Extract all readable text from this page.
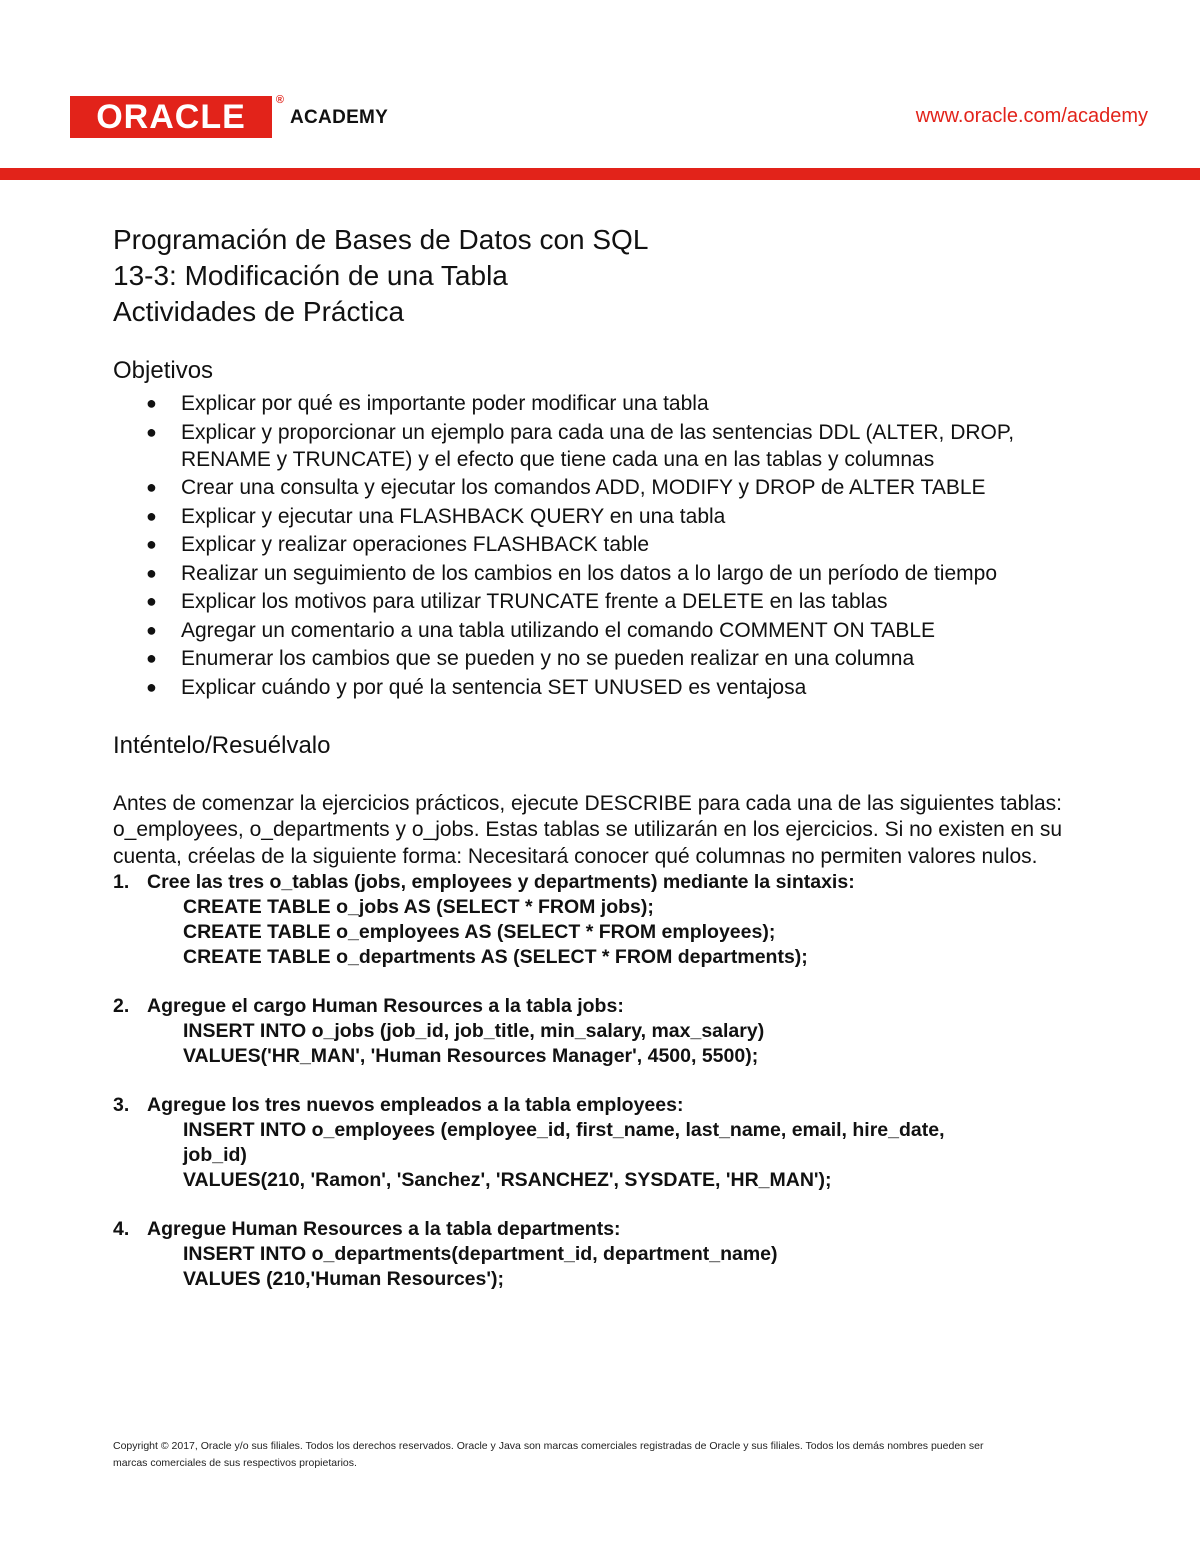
ORACLE	®
ACADEMY	www.oracle.com/academy
Programación de Bases de Datos con SQL
13-3: Modificación de una Tabla
Actividades de Práctica
Objetivos
● Explicar por qué es importante poder modificar una tabla
● Explicar y proporcionar un ejemplo para cada una de las sentencias DDL (ALTER, DROP, RENAME y TRUNCATE) y el efecto que tiene cada una en las tablas y columnas
● Crear una consulta y ejecutar los comandos ADD, MODIFY y DROP de ALTER TABLE
● Explicar y ejecutar una FLASHBACK QUERY en una tabla
● Explicar y realizar operaciones FLASHBACK table
● Realizar un seguimiento de los cambios en los datos a lo largo de un período de tiempo
● Explicar los motivos para utilizar TRUNCATE frente a DELETE en las tablas
● Agregar un comentario a una tabla utilizando el comando COMMENT ON TABLE
● Enumerar los cambios que se pueden y no se pueden realizar en una columna
● Explicar cuándo y por qué la sentencia SET UNUSED es ventajosa
Inténtelo/Resuélvalo
Antes de comenzar la ejercicios prácticos, ejecute DESCRIBE para cada una de las siguientes tablas: o_employees, o_departments y o_jobs. Estas tablas se utilizarán en los ejercicios. Si no existen en su cuenta, créelas de la siguiente forma: Necesitará conocer qué columnas no permiten valores nulos.
1. Cree las tres o_tablas (jobs, employees y departments) mediante la sintaxis:
CREATE TABLE o_jobs AS (SELECT * FROM jobs);
CREATE TABLE o_employees AS (SELECT * FROM employees);
CREATE TABLE o_departments AS (SELECT * FROM departments);
2. Agregue el cargo Human Resources a la tabla jobs:
INSERT INTO o_jobs (job_id, job_title, min_salary, max_salary)
VALUES('HR_MAN', 'Human Resources Manager', 4500, 5500);
3. Agregue los tres nuevos empleados a la tabla employees:
INSERT INTO o_employees (employee_id, first_name, last_name, email, hire_date,
job_id)
VALUES(210, 'Ramon', 'Sanchez', 'RSANCHEZ', SYSDATE, 'HR_MAN');
4. Agregue Human Resources a la tabla departments:
INSERT INTO o_departments(department_id, department_name)
VALUES (210,'Human Resources');
Copyright © 2017, Oracle y/o sus filiales. Todos los derechos reservados. Oracle y Java son marcas comerciales registradas de Oracle y sus filiales. Todos los demás nombres pueden ser
marcas comerciales de sus respectivos propietarios.
